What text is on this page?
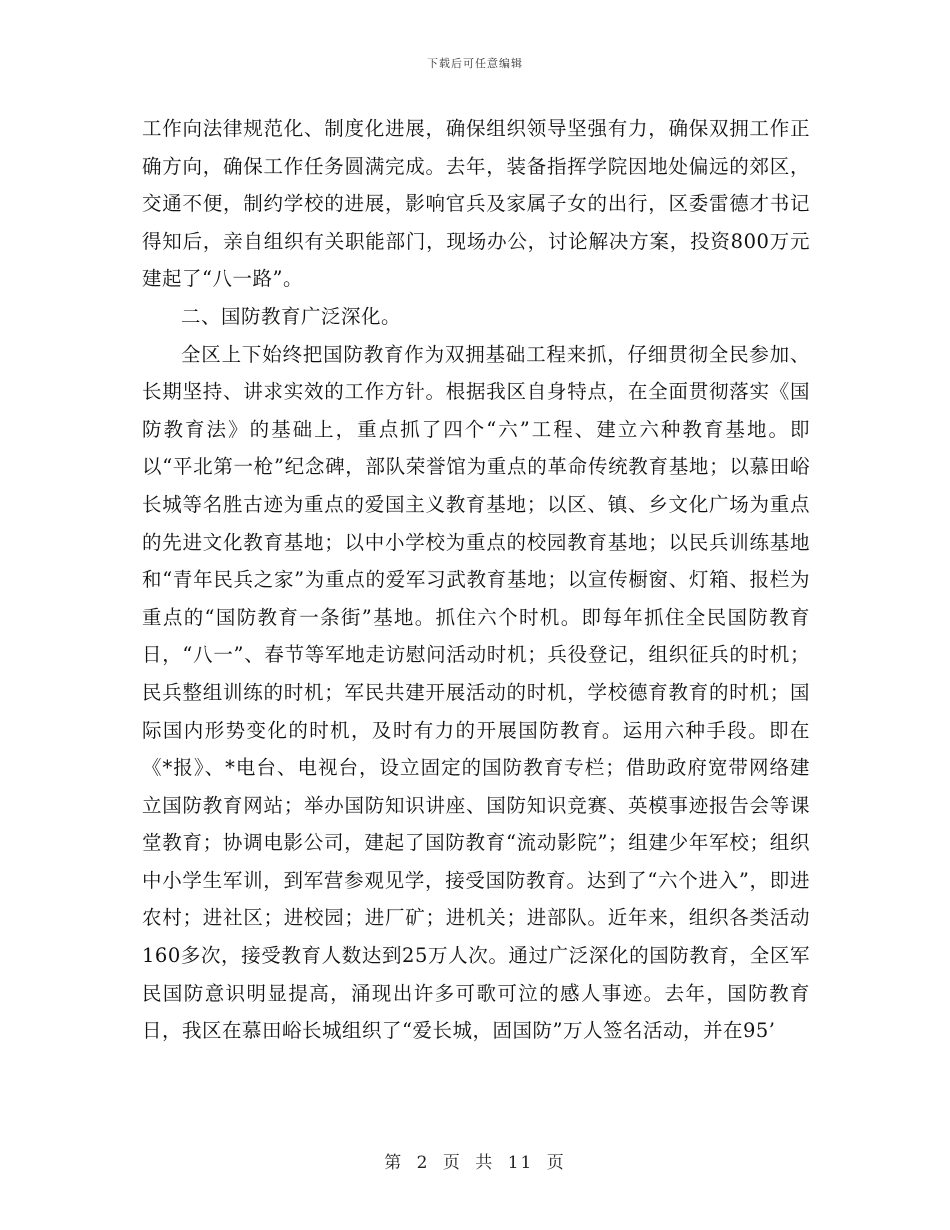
下载后可任意编辑

工作向法律规范化、制度化进展，确保组织领导坚强有力，确保双拥工作正确方向，确保工作任务圆满完成。去年，装备指挥学院因地处偏远的郊区，交通不便，制约学校的进展，影响官兵及家属子女的出行，区委雷德才书记得知后，亲自组织有关职能部门，现场办公，讨论解决方案，投资800万元建起了“八一路”。

二、国防教育广泛深化。

全区上下始终把国防教育作为双拥基础工程来抓，仔细贯彻全民参加、长期坚持、讲求实效的工作方针。根据我区自身特点，在全面贯彻落实《国防教育法》的基础上，重点抓了四个“六”工程、建立六种教育基地。即以“平北第一枪”纪念碑，部队荣誉馆为重点的革命传统教育基地；以慕田峪长城等名胜古迹为重点的爱国主义教育基地；以区、镇、乡文化广场为重点的先进文化教育基地；以中小学校为重点的校园教育基地；以民兵训练基地和“青年民兵之家”为重点的爱军习武教育基地；以宣传橱窗、灯箱、报栏为重点的“国防教育一条街”基地。抓住六个时机。即每年抓住全民国防教育日，“八一”、春节等军地走访慰问活动时机；兵役登记，组织征兵的时机；民兵整组训练的时机；军民共建开展活动的时机，学校德育教育的时机；国际国内形势变化的时机，及时有力的开展国防教育。运用六种手段。即在《*报》、*电台、电视台，设立固定的国防教育专栏；借助政府宽带网络建立国防教育网站；举办国防知识讲座、国防知识竞赛、英模事迹报告会等课堂教育；协调电影公司，建起了国防教育“流动影院”；组建少年军校；组织中小学生军训，到军营参观见学，接受国防教育。达到了“六个进入”，即进农村；进社区；进校园；进厂矿；进机关；进部队。近年来，组织各类活动160多次，接受教育人数达到25万人次。通过广泛深化的国防教育，全区军民国防意识明显提高，涌现出许多可歌可泣的感人事迹。去年，国防教育日，我区在慕田峪长城组织了“爱长城，固国防”万人签名活动，并在95’

第 2 页 共 11 页
